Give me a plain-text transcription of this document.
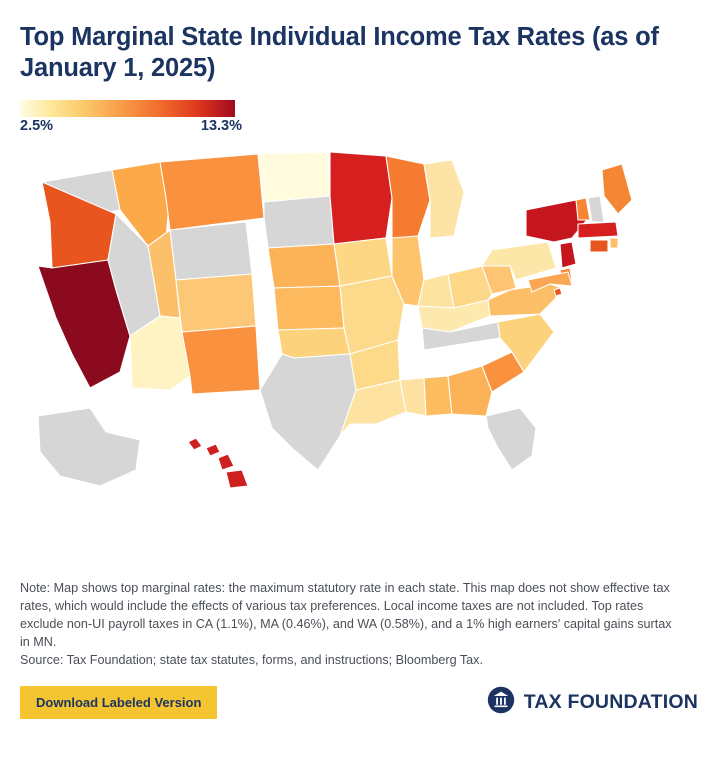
Top Marginal State Individual Income Tax Rates (as of January 1, 2025)
2.5%	13.3%
Note: Map shows top marginal rates: the maximum statutory rate in each state. This map does not show effective tax rates, which would include the effects of various tax preferences. Local income taxes are not included. Top rates exclude non-UI payroll taxes in CA (1.1%), MA (0.46%), and WA (0.58%), and a 1% high earners' capital gains surtax in MN.
Source: Tax Foundation; state tax statutes, forms, and instructions; Bloomberg Tax.
Download Labeled Version	TAX FOUNDATION
